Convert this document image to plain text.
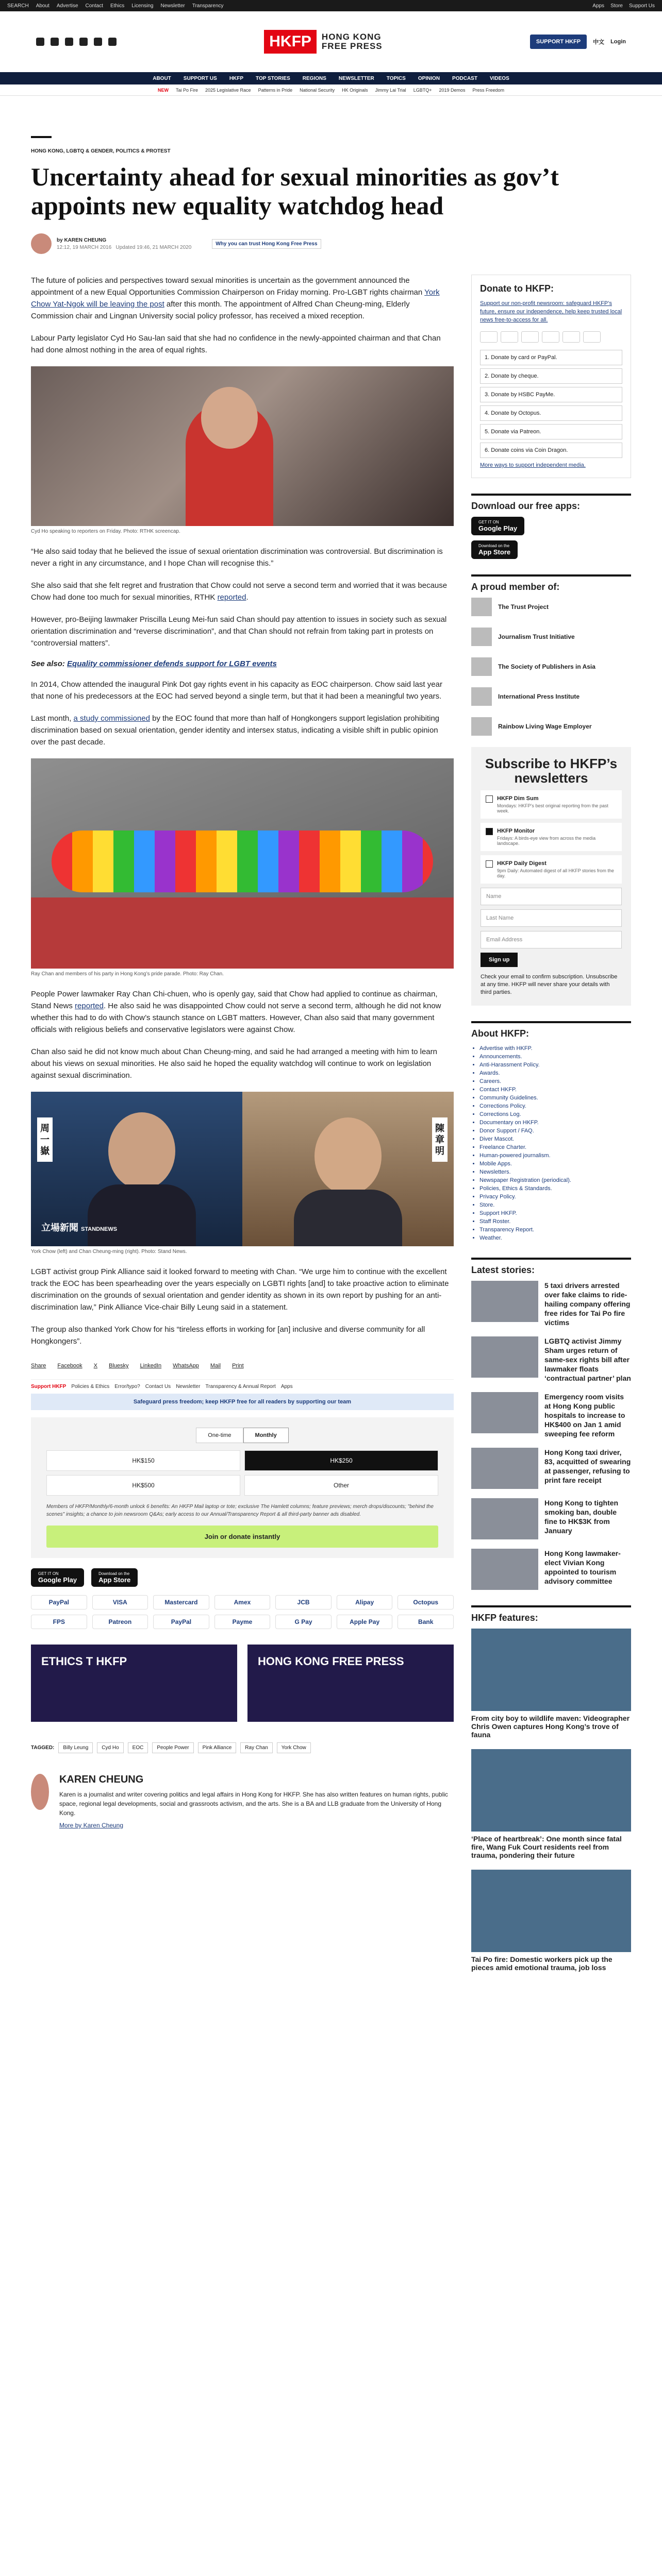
SEARCH About Advertise Contact Ethics Licensing Newsletter Transparency	Apps Store Support Us
HKFP	HONG KONG
FREE PRESS	SUPPORT HKFP	中文 Login
ABOUT SUPPORT US HKFP TOP STORIES REGIONS NEWSLETTER TOPICS OPINION PODCAST VIDEOS
NEW Tai Po Fire 2025 Legislative Race Patterns in Pride National Security HK Originals Jimmy Lai Trial LGBTQ+ 2019 Demos Press Freedom
HONG KONG, LGBTQ & GENDER, POLITICS & PROTEST
Uncertainty ahead for sexual minorities as gov’t appoints new equality watchdog head
by KAREN CHEUNG
12:12, 19 MARCH 2016 Updated 19:46, 21 MARCH 2020
Why you can trust Hong Kong Free Press

The future of policies and perspectives toward sexual minorities is uncertain as the government announced the appointment of a new Equal Opportunities Commission Chairperson on Friday morning. Pro-LGBT rights chairman York Chow Yat-Ngok will be leaving the post after this month. The appointment of Alfred Chan Cheung-ming, Elderly Commission chair and Lingnan University social policy professor, has received a mixed reception.

Labour Party legislator Cyd Ho Sau-lan said that she had no confidence in the newly-appointed chairman and that Chan had done almost nothing in the area of equal rights.

Cyd Ho speaking to reporters on Friday. Photo: RTHK screencap.

“He also said today that he believed the issue of sexual orientation discrimination was controversial. But discrimination is never a right in any circumstance, and I hope Chan will recognise this.”

She also said that she felt regret and frustration that Chow could not serve a second term and worried that it was because Chow had done too much for sexual minorities, RTHK reported.

However, pro-Beijing lawmaker Priscilla Leung Mei-fun said Chan should pay attention to issues in society such as sexual orientation discrimination and “reverse discrimination”, and that Chan should not refrain from taking part in protests on “controversial matters”.

See also: Equality commissioner defends support for LGBT events

In 2014, Chow attended the inaugural Pink Dot gay rights event in his capacity as EOC chairperson. Chow said last year that none of his predecessors at the EOC had served beyond a single term, but that it had been a meaningful two years.

Last month, a study commissioned by the EOC found that more than half of Hongkongers support legislation prohibiting discrimination based on sexual orientation, gender identity and intersex status, indicating a visible shift in public opinion over the past decade.

Ray Chan and members of his party in Hong Kong’s pride parade. Photo: Ray Chan.

People Power lawmaker Ray Chan Chi-chuen, who is openly gay, said that Chow had applied to continue as chairman, Stand News reported. He also said he was disappointed Chow could not serve a second term, although he did not know whether this had to do with Chow’s staunch stance on LGBT matters. However, Chan also said that many government officials with religious beliefs and conservative legislators were against Chow.

Chan also said he did not know much about Chan Cheung-ming, and said he had arranged a meeting with him to learn about his views on sexual minorities. He also said he hoped the equality watchdog will continue to work on legislation against sexual discrimination.

周一嶽
立場新聞 STANDNEWS
陳章明
York Chow (left) and Chan Cheung-ming (right). Photo: Stand News.

LGBT activist group Pink Alliance said it looked forward to meeting with Chan. “We urge him to continue with the excellent track the EOC has been spearheading over the years especially on LGBTI rights [and] to take proactive action to eliminate discrimination on the grounds of sexual orientation and gender identity as shown in its own report by pushing for an anti-discrimination law,” Pink Alliance Vice-chair Billy Leung said in a statement.

The group also thanked York Chow for his “tireless efforts in working for [an] inclusive and diverse community for all Hongkongers”.

Share Facebook X Bluesky LinkedIn WhatsApp Mail Print
Support HKFP Policies & Ethics Error/typo? Contact Us Newsletter Transparency & Annual Report Apps
Safeguard press freedom; keep HKFP free for all readers by supporting our team
One-time	Monthly
HK$150	HK$250
HK$500	Other
Members of HKFP/Monthly/6-month unlock 6 benefits: An HKFP Mail laptop or tote; exclusive The Hamlett columns; feature previews; merch drops/discounts; "behind the scenes" insights; a chance to join newsroom Q&As; early access to our Annual/Transparency Report & all third-party banner ads disabled.
Join or donate instantly
GET IT ON
Google Play
Download on the
App Store
PayPal	VISA	Mastercard	Amex	JCB	Alipay	Octopus
FPS	Patreon	PayPal	Payme	G Pay	Apple Pay	Bank
ETHICS T HKFP	HONG KONG FREE PRESS
TAGGED:	Billy Leung	Cyd Ho	EOC	People Power	Pink Alliance	Ray Chan	York Chow
KAREN CHEUNG

Karen is a journalist and writer covering politics and legal affairs in Hong Kong for HKFP. She has also written features on human rights, public space, regional legal developments, social and grassroots activism, and the arts. She is a BA and LLB graduate from the University of Hong Kong.

More by Karen Cheung

Donate to HKFP:
Support our non-profit newsroom: safeguard HKFP’s future, ensure our independence, help keep trusted local news free-to-access for all.
1. Donate by card or PayPal.
2. Donate by cheque.
3. Donate by HSBC PayMe.
4. Donate by Octopus.
5. Donate via Patreon.
6. Donate coins via Coin Dragon.
More ways to support independent media.
Download our free apps:
GET IT ON
Google Play

Download on the
App Store
A proud member of:
The Trust Project
Journalism Trust Initiative
The Society of Publishers in Asia
International Press Institute
Rainbow Living Wage Employer
Subscribe to HKFP’s newsletters
HKFP Dim Sum
Mondays: HKFP’s best original reporting from the past week.
HKFP Monitor
Fridays: A birds-eye view from across the media landscape.
HKFP Daily Digest
9pm Daily: Automated digest of all HKFP stories from the day.
Name
Last Name
Email Address
Sign up

Check your email to confirm subscription. Unsubscribe at any time. HKFP will never share your details with third parties.

About HKFP:
• Advertise with HKFP.
• Announcements.
• Anti-Harassment Policy.
• Awards.
• Careers.
• Contact HKFP.
• Community Guidelines.
• Corrections Policy.
• Corrections Log.
• Documentary on HKFP.
• Donor Support / FAQ.
• Diver Mascot.
• Freelance Charter.
• Human-powered journalism.
• Mobile Apps.
• Newsletters.
• Newspaper Registration (periodical).
• Policies, Ethics & Standards.
• Privacy Policy.
• Store.
• Support HKFP.
• Staff Roster.
• Transparency Report.
• Weather.
Latest stories:
5 taxi drivers arrested over fake claims to ride-hailing company offering free rides for Tai Po fire victims
LGBTQ activist Jimmy Sham urges return of same-sex rights bill after lawmaker floats ‘contractual partner’ plan
Emergency room visits at Hong Kong public hospitals to increase to HK$400 on Jan 1 amid sweeping fee reform
Hong Kong taxi driver, 83, acquitted of swearing at passenger, refusing to print fare receipt
Hong Kong to tighten smoking ban, double fine to HK$3K from January
Hong Kong lawmaker-elect Vivian Kong appointed to tourism advisory committee
HKFP features:
From city boy to wildlife maven: Videographer Chris Owen captures Hong Kong’s trove of fauna
‘Place of heartbreak’: One month since fatal fire, Wang Fuk Court residents reel from trauma, pondering their future
Tai Po fire: Domestic workers pick up the pieces amid emotional trauma, job loss
